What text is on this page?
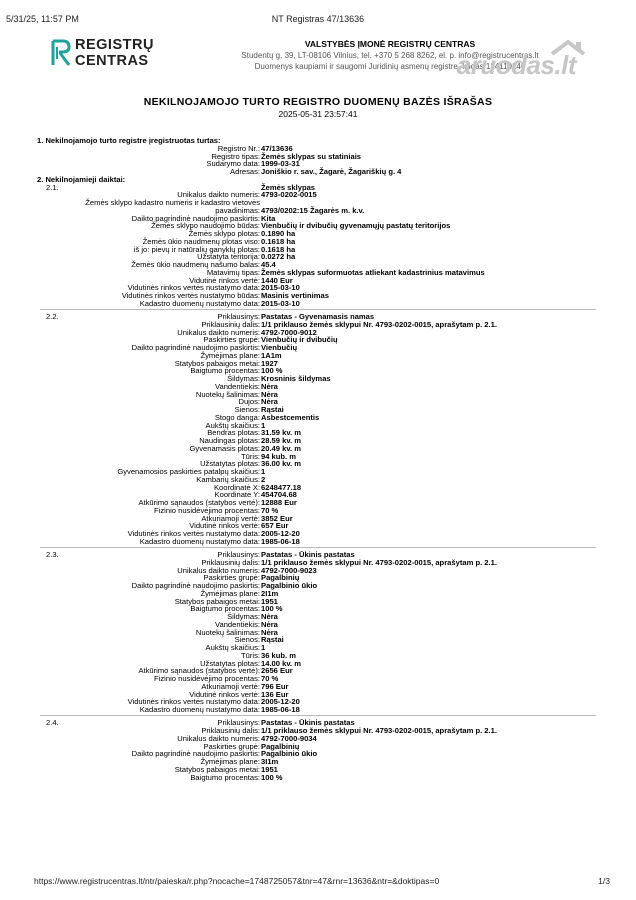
5/31/25, 11:57 PM	NT Registras 47/13636
REGISTRŲ
CENTRAS
VALSTYBĖS ĮMONĖ REGISTRŲ CENTRAS
Studentų g. 39, LT-08106 Vilnius, tel. +370 5 268 8262, el. p. info@registrucentras.lt
Duomenys kaupiami ir saugomi Juridinių asmenų registre, kodas 124110246
aruodas.lt
NEKILNOJAMOJO TURTO REGISTRO DUOMENŲ BAZĖS IŠRAŠAS
2025-05-31 23:57:41
1. Nekilnojamojo turto registre įregistruotas turtas:
Registro Nr.: 47/13636
Registro tipas: Žemės sklypas su statiniais
Sudarymo data: 1999-03-31
Adresas: Joniškio r. sav., Žagarė, Žagariškių g. 4
2. Nekilnojamieji daiktai:
2.1.	Žemės sklypas
Unikalus daikto numeris: 4793-0202-0015
Žemės sklypo kadastro numeris ir kadastro vietovės
pavadinimas: 4793/0202:15 Žagarės m. k.v.
Daikto pagrindinė naudojimo paskirtis: Kita
Žemės sklypo naudojimo būdas: Vienbučių ir dvibučių gyvenamųjų pastatų teritorijos
Žemės sklypo plotas: 0.1890 ha
Žemės ūkio naudmenų plotas viso: 0.1618 ha
iš jo: pievų ir natūralių ganyklų plotas: 0.1618 ha
Užstatyta teritorija: 0.0272 ha
Žemės ūkio naudmenų našumo balas: 45.4
Matavimų tipas: Žemės sklypas suformuotas atliekant kadastrinius matavimus
Vidutinė rinkos vertė: 1440 Eur
Vidutinės rinkos vertės nustatymo data: 2015-03-10
Vidutinės rinkos vertės nustatymo būdas: Masinis vertinimas
Kadastro duomenų nustatymo data: 2015-03-10
2.2.	Priklausinys: Pastatas - Gyvenamasis namas
Priklausinių dalis: 1/1 priklauso žemės sklypui Nr. 4793-0202-0015, aprašytam p. 2.1.
Unikalus daikto numeris: 4792-7000-9012
Paskirties grupė: Vienbučių ir dvibučių
Daikto pagrindinė naudojimo paskirtis: Vienbučių
Žymėjimas plane: 1A1m
Statybos pabaigos metai: 1927
Baigtumo procentas: 100 %
Šildymas: Krosninis šildymas
Vandentiekis: Nėra
Nuotekų šalinimas: Nėra
Dujos: Nėra
Sienos: Rąstai
Stogo danga: Asbestcementis
Aukštų skaičius: 1
Bendras plotas: 31.59 kv. m
Naudingas plotas: 28.59 kv. m
Gyvenamasis plotas: 20.49 kv. m
Tūris: 94 kub. m
Užstatytas plotas: 36.00 kv. m
Gyvenamosios paskirties patalpų skaičius: 1
Kambarių skaičius: 2
Koordinatė X: 6248477.18
Koordinatė Y: 454704.68
Atkūrimo sąnaudos (statybos vertė): 12888 Eur
Fizinio nusidėvėjimo procentas: 70 %
Atkuriamoji vertė: 3852 Eur
Vidutinė rinkos vertė: 657 Eur
Vidutinės rinkos vertės nustatymo data: 2005-12-20
Kadastro duomenų nustatymo data: 1985-06-18
2.3.	Priklausinys: Pastatas - Ūkinis pastatas
Priklausinių dalis: 1/1 priklauso žemės sklypui Nr. 4793-0202-0015, aprašytam p. 2.1.
Unikalus daikto numeris: 4792-7000-9023
Paskirties grupė: Pagalbinių
Daikto pagrindinė naudojimo paskirtis: Pagalbinio ūkio
Žymėjimas plane: 2I1m
Statybos pabaigos metai: 1951
Baigtumo procentas: 100 %
Šildymas: Nėra
Vandentiekis: Nėra
Nuotekų šalinimas: Nėra
Sienos: Rąstai
Aukštų skaičius: 1
Tūris: 36 kub. m
Užstatytas plotas: 14.00 kv. m
Atkūrimo sąnaudos (statybos vertė): 2656 Eur
Fizinio nusidėvėjimo procentas: 70 %
Atkuriamoji vertė: 796 Eur
Vidutinė rinkos vertė: 136 Eur
Vidutinės rinkos vertės nustatymo data: 2005-12-20
Kadastro duomenų nustatymo data: 1985-06-18
2.4.	Priklausinys: Pastatas - Ūkinis pastatas
Priklausinių dalis: 1/1 priklauso žemės sklypui Nr. 4793-0202-0015, aprašytam p. 2.1.
Unikalus daikto numeris: 4792-7000-9034
Paskirties grupė: Pagalbinių
Daikto pagrindinė naudojimo paskirtis: Pagalbinio ūkio
Žymėjimas plane: 3I1m
Statybos pabaigos metai: 1951
Baigtumo procentas: 100 %
https://www.registrucentras.lt/ntr/paieska/r.php?nocache=1748725057&tnr=47&rnr=13636&ntr=&doktipas=0	1/3
